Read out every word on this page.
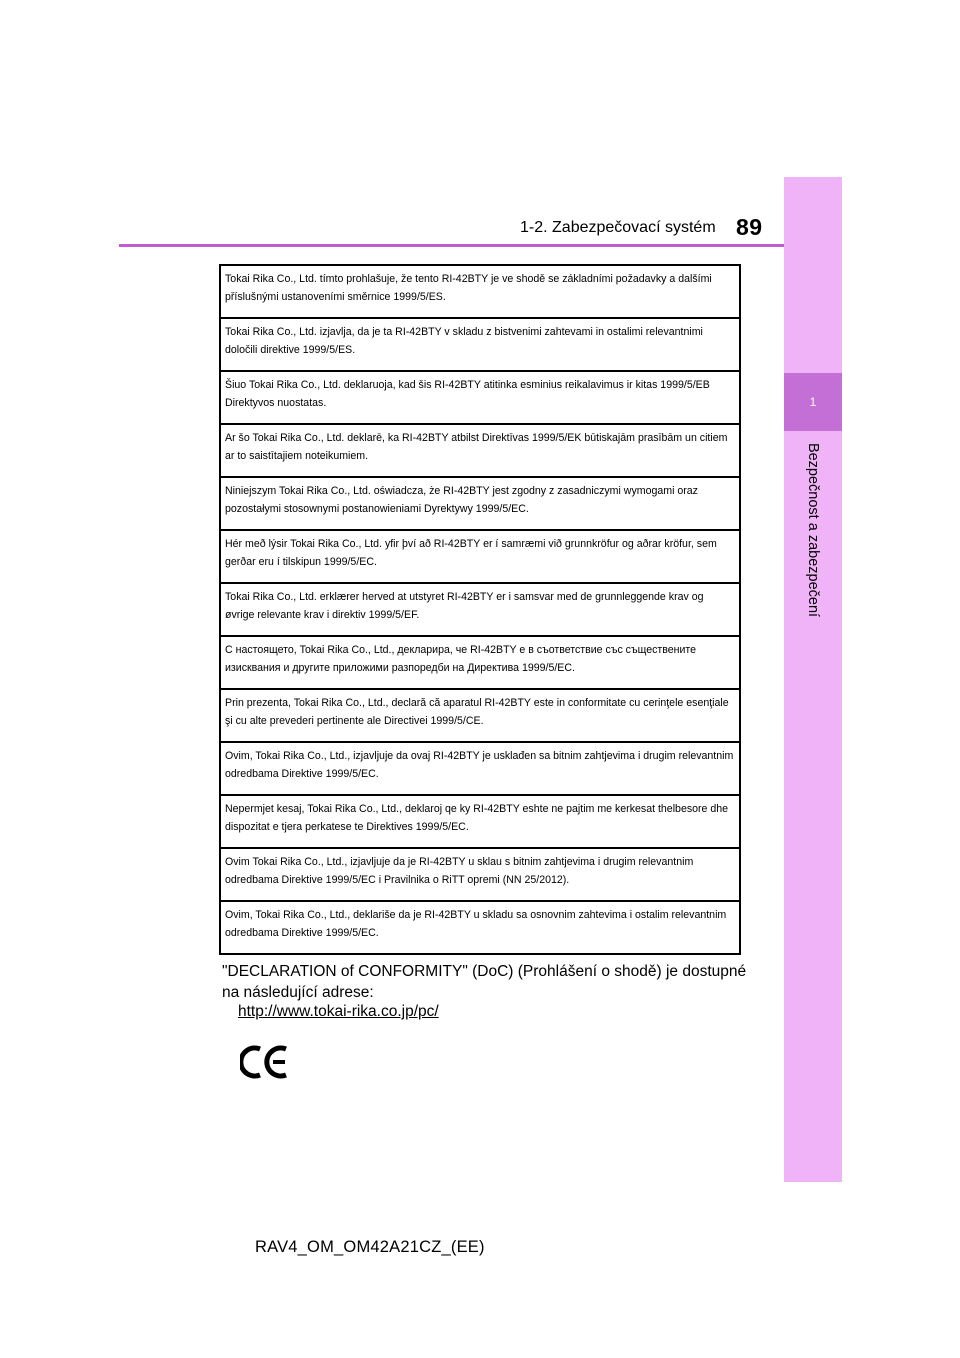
1-2. Zabezpečovací systém 89
1
Bezpečnost a zabezpečení
Tokai Rika Co., Ltd. tímto prohlašuje, že tento RI-42BTY je ve shodě se základními požadavky a dalšími příslušnými ustanoveními směrnice 1999/5/ES.
Tokai Rika Co., Ltd. izjavlja, da je ta RI-42BTY v skladu z bistvenimi zahtevami in ostalimi relevantnimi določili direktive 1999/5/ES.
Šiuo Tokai Rika Co., Ltd. deklaruoja, kad šis RI-42BTY atitinka esminius reikalavimus ir kitas 1999/5/EB Direktyvos nuostatas.
Ar šo Tokai Rika Co., Ltd. deklarē, ka RI-42BTY atbilst Direktīvas 1999/5/EK būtiskajām prasībām un citiem ar to saistītajiem noteikumiem.
Niniejszym Tokai Rika Co., Ltd. oświadcza, że RI-42BTY jest zgodny z zasadniczymi wymogami oraz pozostałymi stosownymi postanowieniami Dyrektywy 1999/5/EC.
Hér með lýsir Tokai Rika Co., Ltd. yfir því að RI-42BTY er í samræmi við grunnkröfur og aðrar kröfur, sem gerðar eru í tilskipun 1999/5/EC.
Tokai Rika Co., Ltd. erklærer herved at utstyret RI-42BTY er i samsvar med de grunnleggende krav og øvrige relevante krav i direktiv 1999/5/EF.
С настоящето, Tokai Rika Co., Ltd., декларира, че RI-42BTY е в съответствие със съществените изисквания и другите приложими разпоредби на Директива 1999/5/EC.
Prin prezenta, Tokai Rika Co., Ltd., declară că aparatul RI-42BTY este in conformitate cu cerinţele esenţiale şi cu alte prevederi pertinente ale Directivei 1999/5/CE.
Ovim, Tokai Rika Co., Ltd., izjavljuje da ovaj RI-42BTY je usklađen sa bitnim zahtjevima i drugim relevantnim odredbama Direktive 1999/5/EC.
Nepermjet kesaj, Tokai Rika Co., Ltd., deklaroj qe ky RI-42BTY eshte ne pajtim me kerkesat thelbesore dhe dispozitat e tjera perkatese te Direktives 1999/5/EC.
Ovim Tokai Rika Co., Ltd., izjavljuje da je RI-42BTY u sklau s bitnim zahtjevima i drugim relevantnim odredbama Direktive 1999/5/EC i Pravilnika o RiTT opremi (NN 25/2012).
Ovim, Tokai Rika Co., Ltd., deklariše da je RI-42BTY u skladu sa osnovnim zahtevima i ostalim relevantnim odredbama Direktive 1999/5/EC.
"DECLARATION of CONFORMITY" (DoC) (Prohlášení o shodě) je dostupné na následující adrese:
http://www.tokai-rika.co.jp/pc/
RAV4_OM_OM42A21CZ_(EE)
